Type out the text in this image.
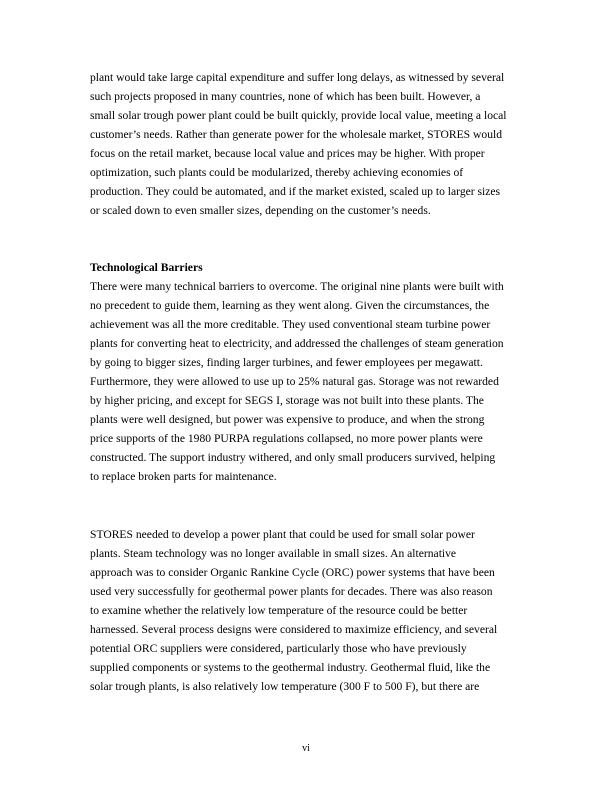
plant would take large capital expenditure and suffer long delays, as witnessed by several
such projects proposed in many countries, none of which has been built. However, a
small solar trough power plant could be built quickly, provide local value, meeting a local
customer’s needs. Rather than generate power for the wholesale market, STORES would
focus on the retail market, because local value and prices may be higher. With proper
optimization, such plants could be modularized, thereby achieving economies of
production. They could be automated, and if the market existed, scaled up to larger sizes
or scaled down to even smaller sizes, depending on the customer’s needs.

Technological Barriers

There were many technical barriers to overcome. The original nine plants were built with
no precedent to guide them, learning as they went along. Given the circumstances, the
achievement was all the more creditable. They used conventional steam turbine power
plants for converting heat to electricity, and addressed the challenges of steam generation
by going to bigger sizes, finding larger turbines, and fewer employees per megawatt.
Furthermore, they were allowed to use up to 25% natural gas. Storage was not rewarded
by higher pricing, and except for SEGS I, storage was not built into these plants. The
plants were well designed, but power was expensive to produce, and when the strong
price supports of the 1980 PURPA regulations collapsed, no more power plants were
constructed. The support industry withered, and only small producers survived, helping
to replace broken parts for maintenance.

STORES needed to develop a power plant that could be used for small solar power
plants. Steam technology was no longer available in small sizes. An alternative
approach was to consider Organic Rankine Cycle (ORC) power systems that have been
used very successfully for geothermal power plants for decades. There was also reason
to examine whether the relatively low temperature of the resource could be better
harnessed. Several process designs were considered to maximize efficiency, and several
potential ORC suppliers were considered, particularly those who have previously
supplied components or systems to the geothermal industry. Geothermal fluid, like the
solar trough plants, is also relatively low temperature (300 F to 500 F), but there are

vi
